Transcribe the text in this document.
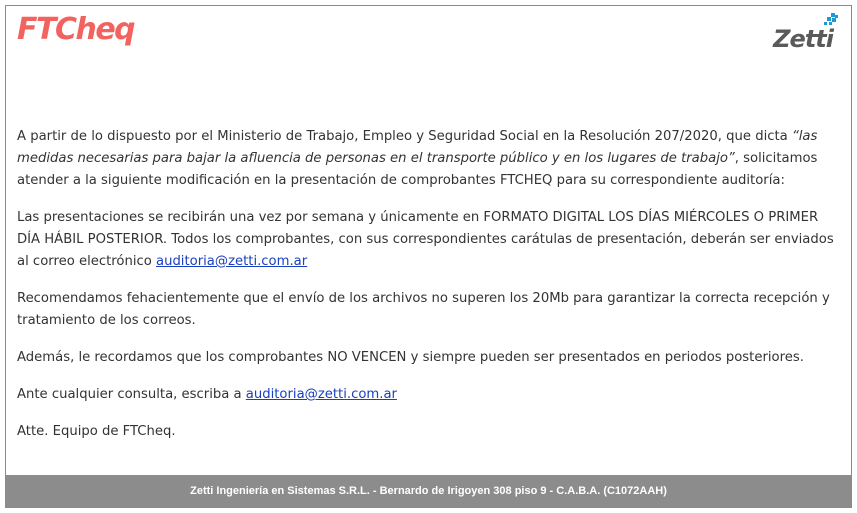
FTCheq	Zetti

A partir de lo dispuesto por el Ministerio de Trabajo, Empleo y Seguridad Social en la Resolución 207/2020, que dicta “las medidas necesarias para bajar la afluencia de personas en el transporte público y en los lugares de trabajo”, solicitamos atender a la siguiente modificación en la presentación de comprobantes FTCHEQ para su correspondiente auditoría:

Las presentaciones se recibirán una vez por semana y únicamente en FORMATO DIGITAL LOS DÍAS MIÉRCOLES O PRIMER DÍA HÁBIL POSTERIOR. Todos los comprobantes, con sus correspondientes carátulas de presentación, deberán ser enviados al correo electrónico auditoria@zetti.com.ar

Recomendamos fehacientemente que el envío de los archivos no superen los 20Mb para garantizar la correcta recepción y tratamiento de los correos.

Además, le recordamos que los comprobantes NO VENCEN y siempre pueden ser presentados en periodos posteriores.

Ante cualquier consulta, escriba a auditoria@zetti.com.ar

Atte. Equipo de FTCheq.

Zetti Ingeniería en Sistemas S.R.L. - Bernardo de Irigoyen 308 piso 9 - C.A.B.A. (C1072AAH)
